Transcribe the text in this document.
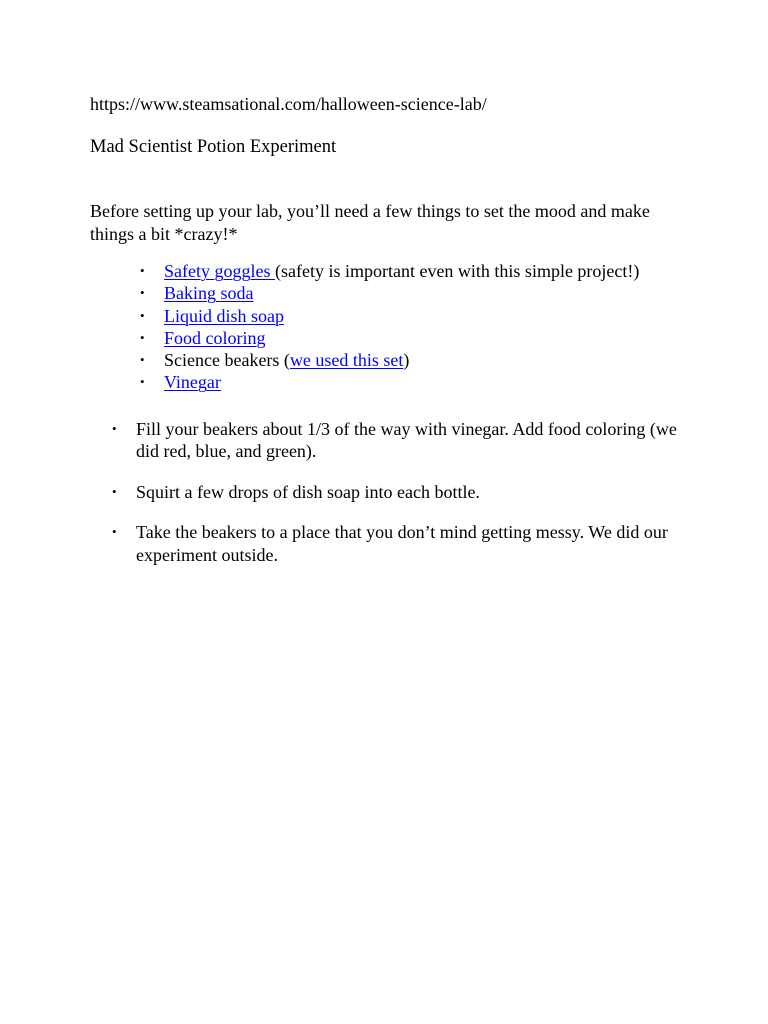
https://www.steamsational.com/halloween-science-lab/

Mad Scientist Potion Experiment

Before setting up your lab, you’ll need a few things to set the mood and make things a bit *crazy!*

• Safety goggles (safety is important even with this simple project!)
• Baking soda
• Liquid dish soap
• Food coloring
• Science beakers (we used this set)
• Vinegar
• Fill your beakers about 1/3 of the way with vinegar. Add food coloring (we did red, blue, and green).
• Squirt a few drops of dish soap into each bottle.
• Take the beakers to a place that you don’t mind getting messy. We did our experiment outside.
